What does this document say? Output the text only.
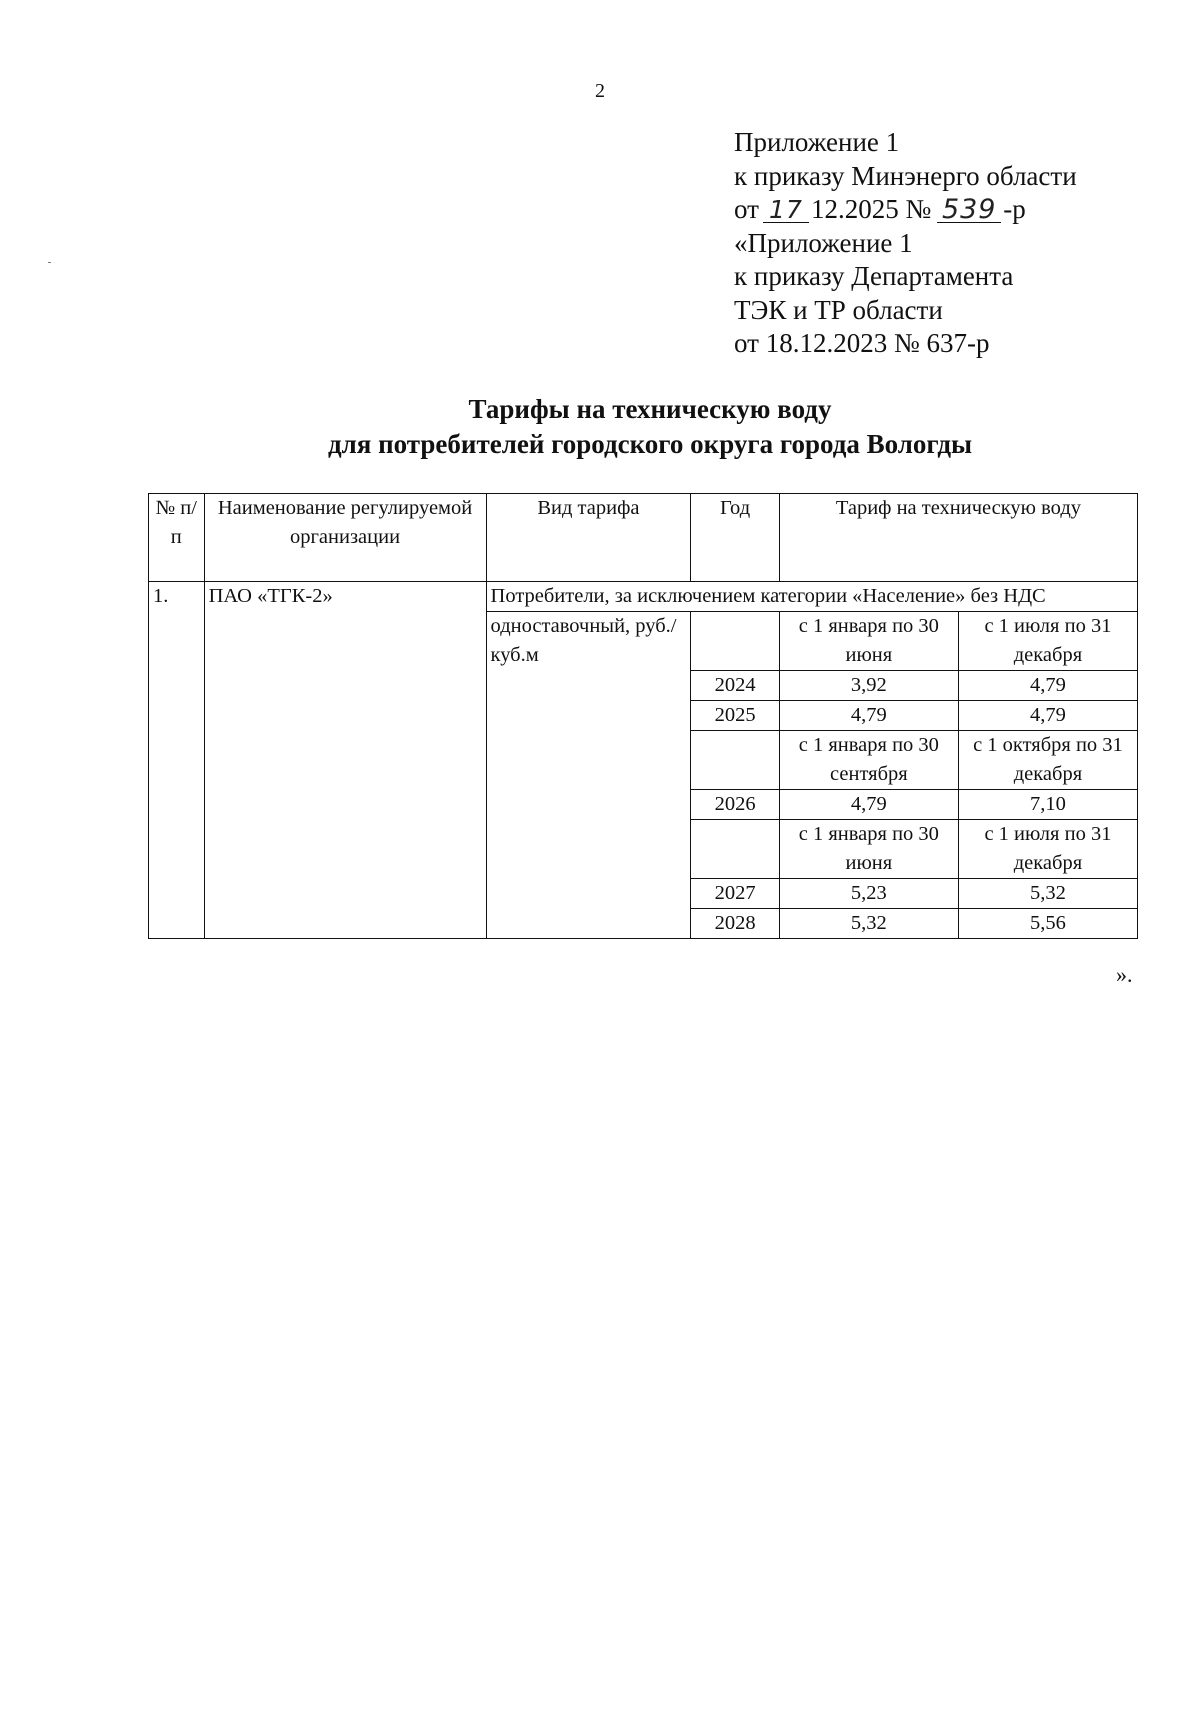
2
Приложение 1
к приказу Минэнерго области
от 17 12.2025 № 539 -р
«Приложение 1
к приказу Департамента
ТЭК и ТР области
от 18.12.2023 № 637-р
Тарифы на техническую воду
для потребителей городского округа города Вологды
№ п/п	Наименование регулируемой организации	Вид тарифа	Год	Тариф на техническую воду	
1.	ПАО «ТГК-2»	Потребители, за исключением категории «Население» без НДС			
		одноставочный, руб./куб.м		с 1 января по 30 июня	с 1 июля по 31 декабря
			2024	3,92	4,79
			2025	4,79	4,79
				с 1 января по 30 сентября	с 1 октября по 31 декабря
			2026	4,79	7,10
				с 1 января по 30 июня	с 1 июля по 31 декабря
			2027	5,23	5,32
			2028	5,32	5,56
».
